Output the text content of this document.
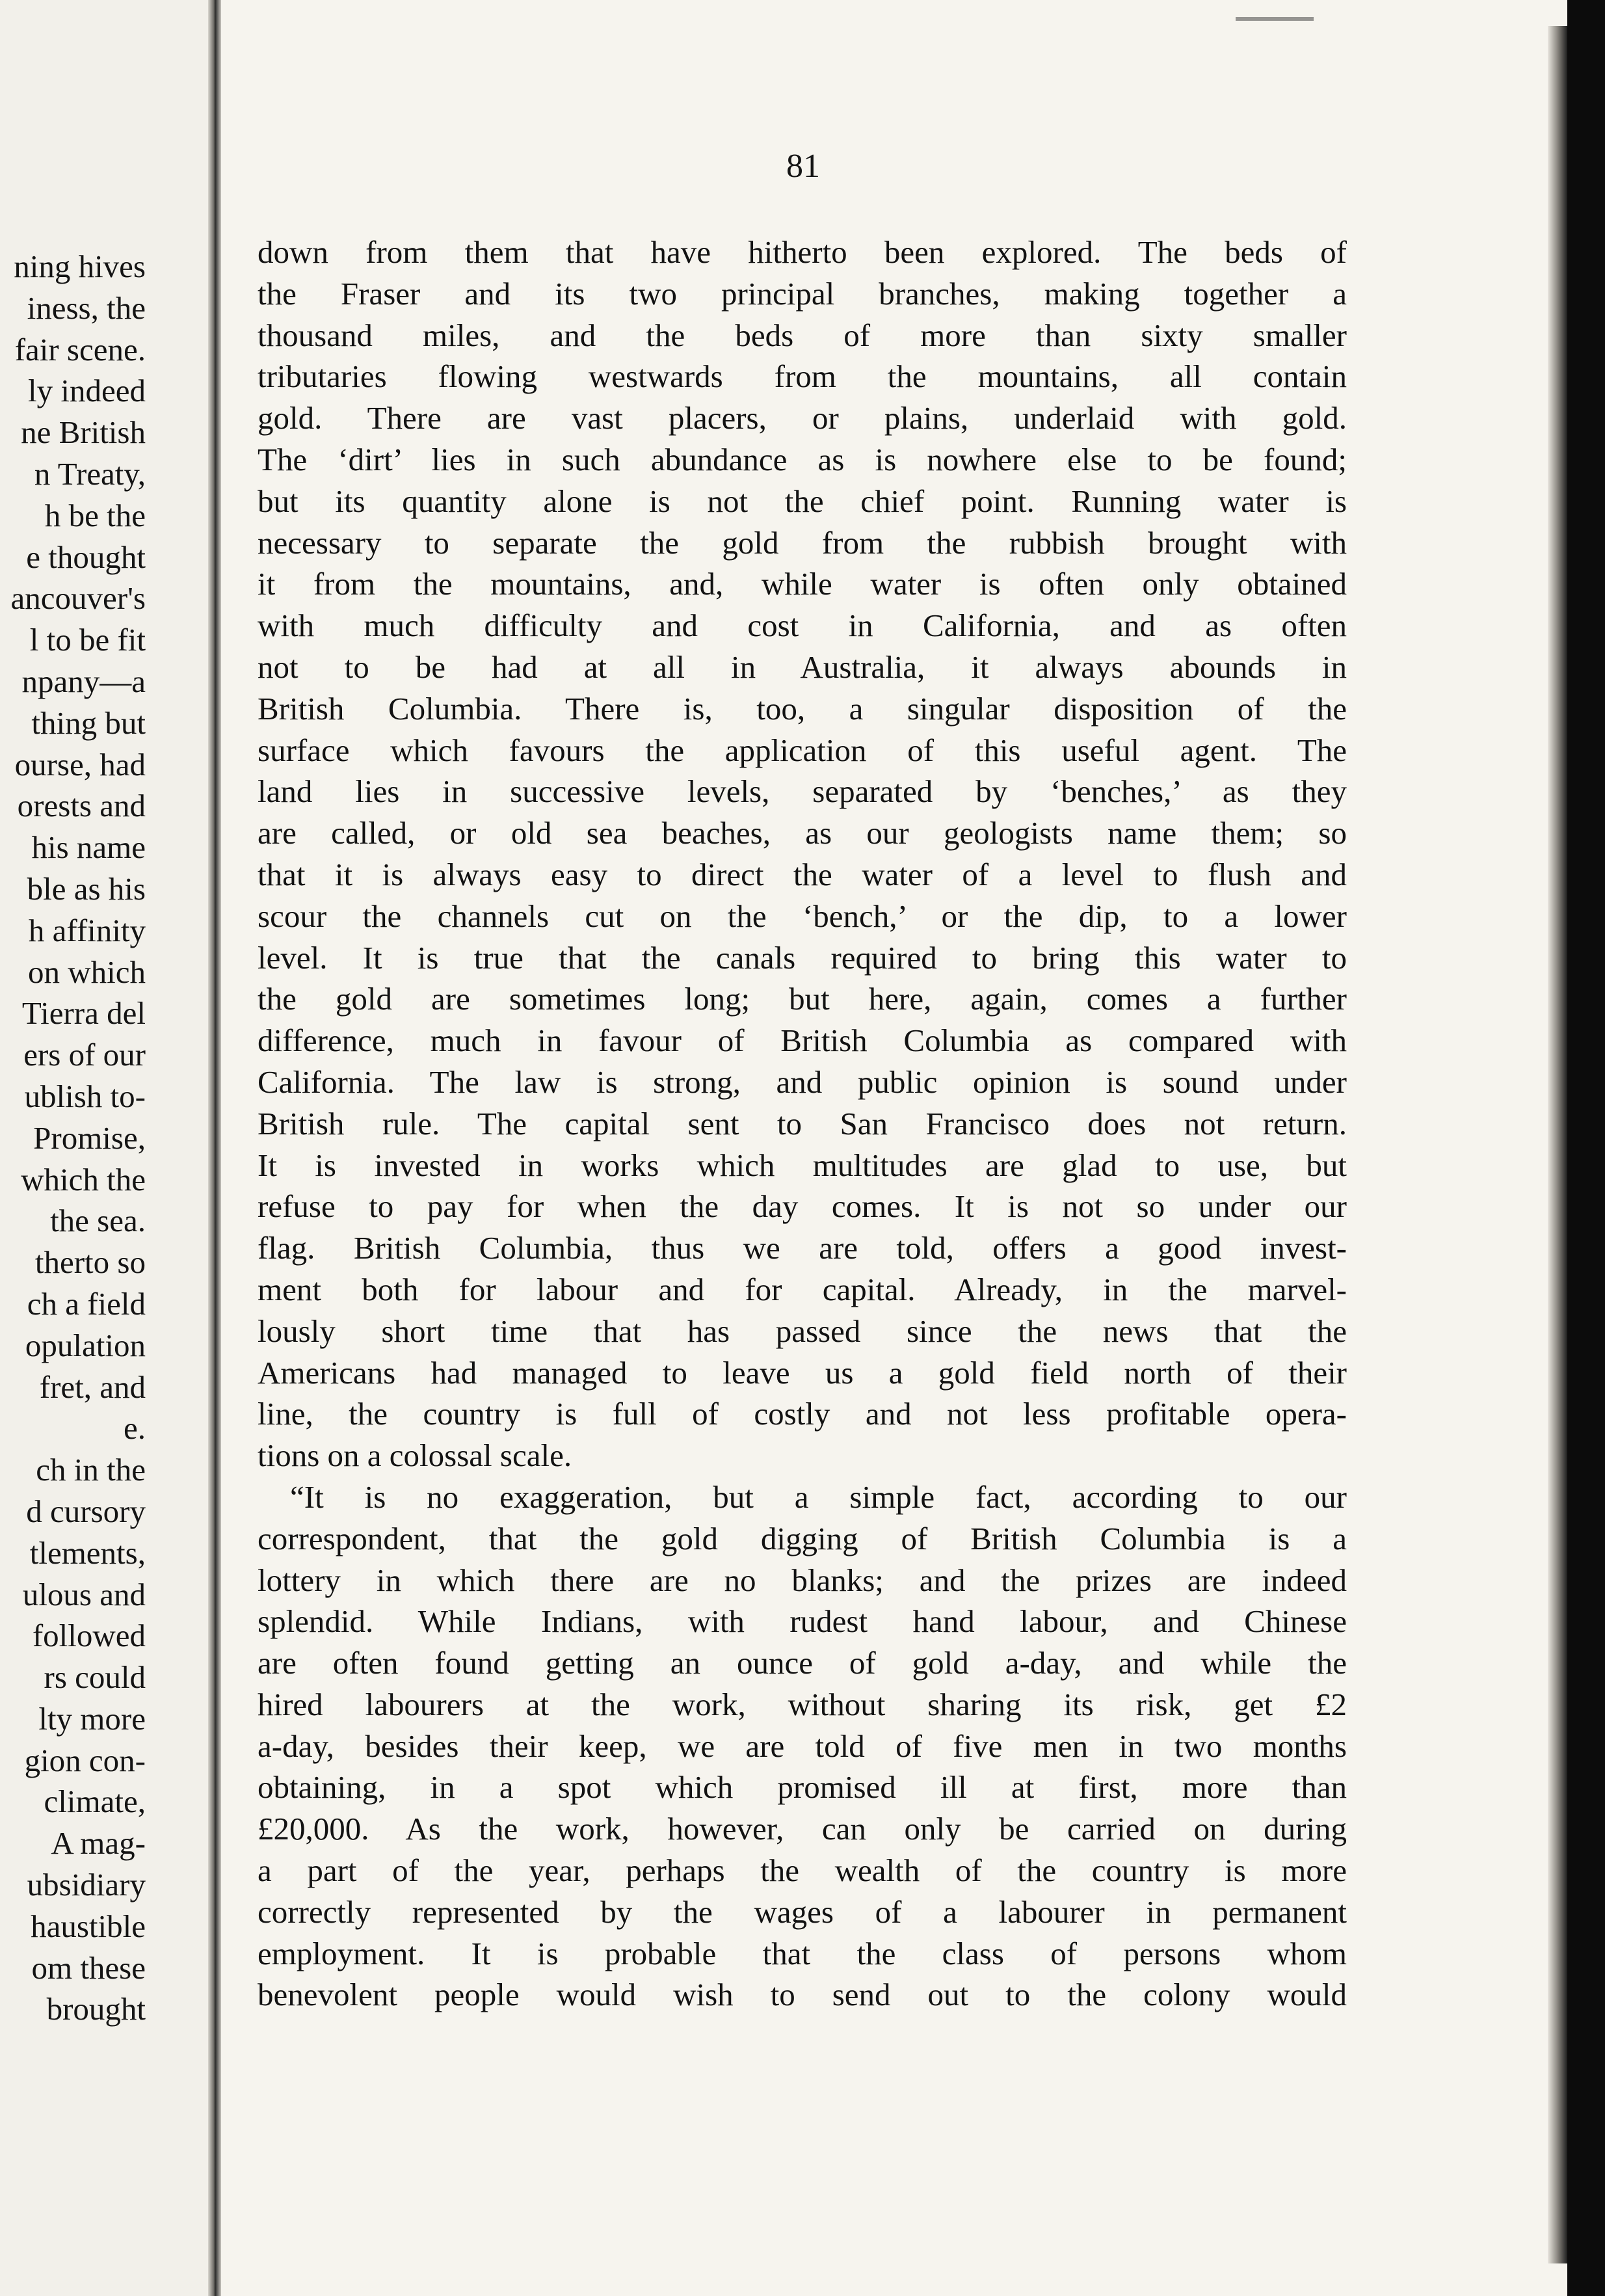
ning hives
iness, the
fair scene.
ly indeed
ne British
n Treaty,
h be the
e thought
ancouver's
l to be fit
npany—a
thing but
ourse, had
orests and
his name
ble as his
h affinity
on which
Tierra del
ers of our
ublish to-
Promise,
which the
the sea.
therto so
ch a field
opulation
fret, and
e.
ch in the
d cursory
tlements,
ulous and
followed
rs could
lty more
gion con-
climate,
A mag-
ubsidiary
haustible
om these
brought
81
down from them that have hitherto been explored. The beds of
the Fraser and its two principal branches, making together a
thousand miles, and the beds of more than sixty smaller
tributaries flowing westwards from the mountains, all contain
gold. There are vast placers, or plains, underlaid with gold.
The ‘dirt’ lies in such abundance as is nowhere else to be found;
but its quantity alone is not the chief point. Running water is
necessary to separate the gold from the rubbish brought with
it from the mountains, and, while water is often only obtained
with much difficulty and cost in California, and as often
not to be had at all in Australia, it always abounds in
British Columbia. There is, too, a singular disposition of the
surface which favours the application of this useful agent. The
land lies in successive levels, separated by ‘benches,’ as they
are called, or old sea beaches, as our geologists name them; so
that it is always easy to direct the water of a level to flush and
scour the channels cut on the ‘bench,’ or the dip, to a lower
level. It is true that the canals required to bring this water to
the gold are sometimes long; but here, again, comes a further
difference, much in favour of British Columbia as compared with
California. The law is strong, and public opinion is sound under
British rule. The capital sent to San Francisco does not return.
It is invested in works which multitudes are glad to use, but
refuse to pay for when the day comes. It is not so under our
flag. British Columbia, thus we are told, offers a good invest-
ment both for labour and for capital. Already, in the marvel-
lously short time that has passed since the news that the
Americans had managed to leave us a gold field north of their
line, the country is full of costly and not less profitable opera-
tions on a colossal scale.
“It is no exaggeration, but a simple fact, according to our
correspondent, that the gold digging of British Columbia is a
lottery in which there are no blanks; and the prizes are indeed
splendid. While Indians, with rudest hand labour, and Chinese
are often found getting an ounce of gold a-day, and while the
hired labourers at the work, without sharing its risk, get £2
a-day, besides their keep, we are told of five men in two months
obtaining, in a spot which promised ill at first, more than
£20,000. As the work, however, can only be carried on during
a part of the year, perhaps the wealth of the country is more
correctly represented by the wages of a labourer in permanent
employment. It is probable that the class of persons whom
benevolent people would wish to send out to the colony would
